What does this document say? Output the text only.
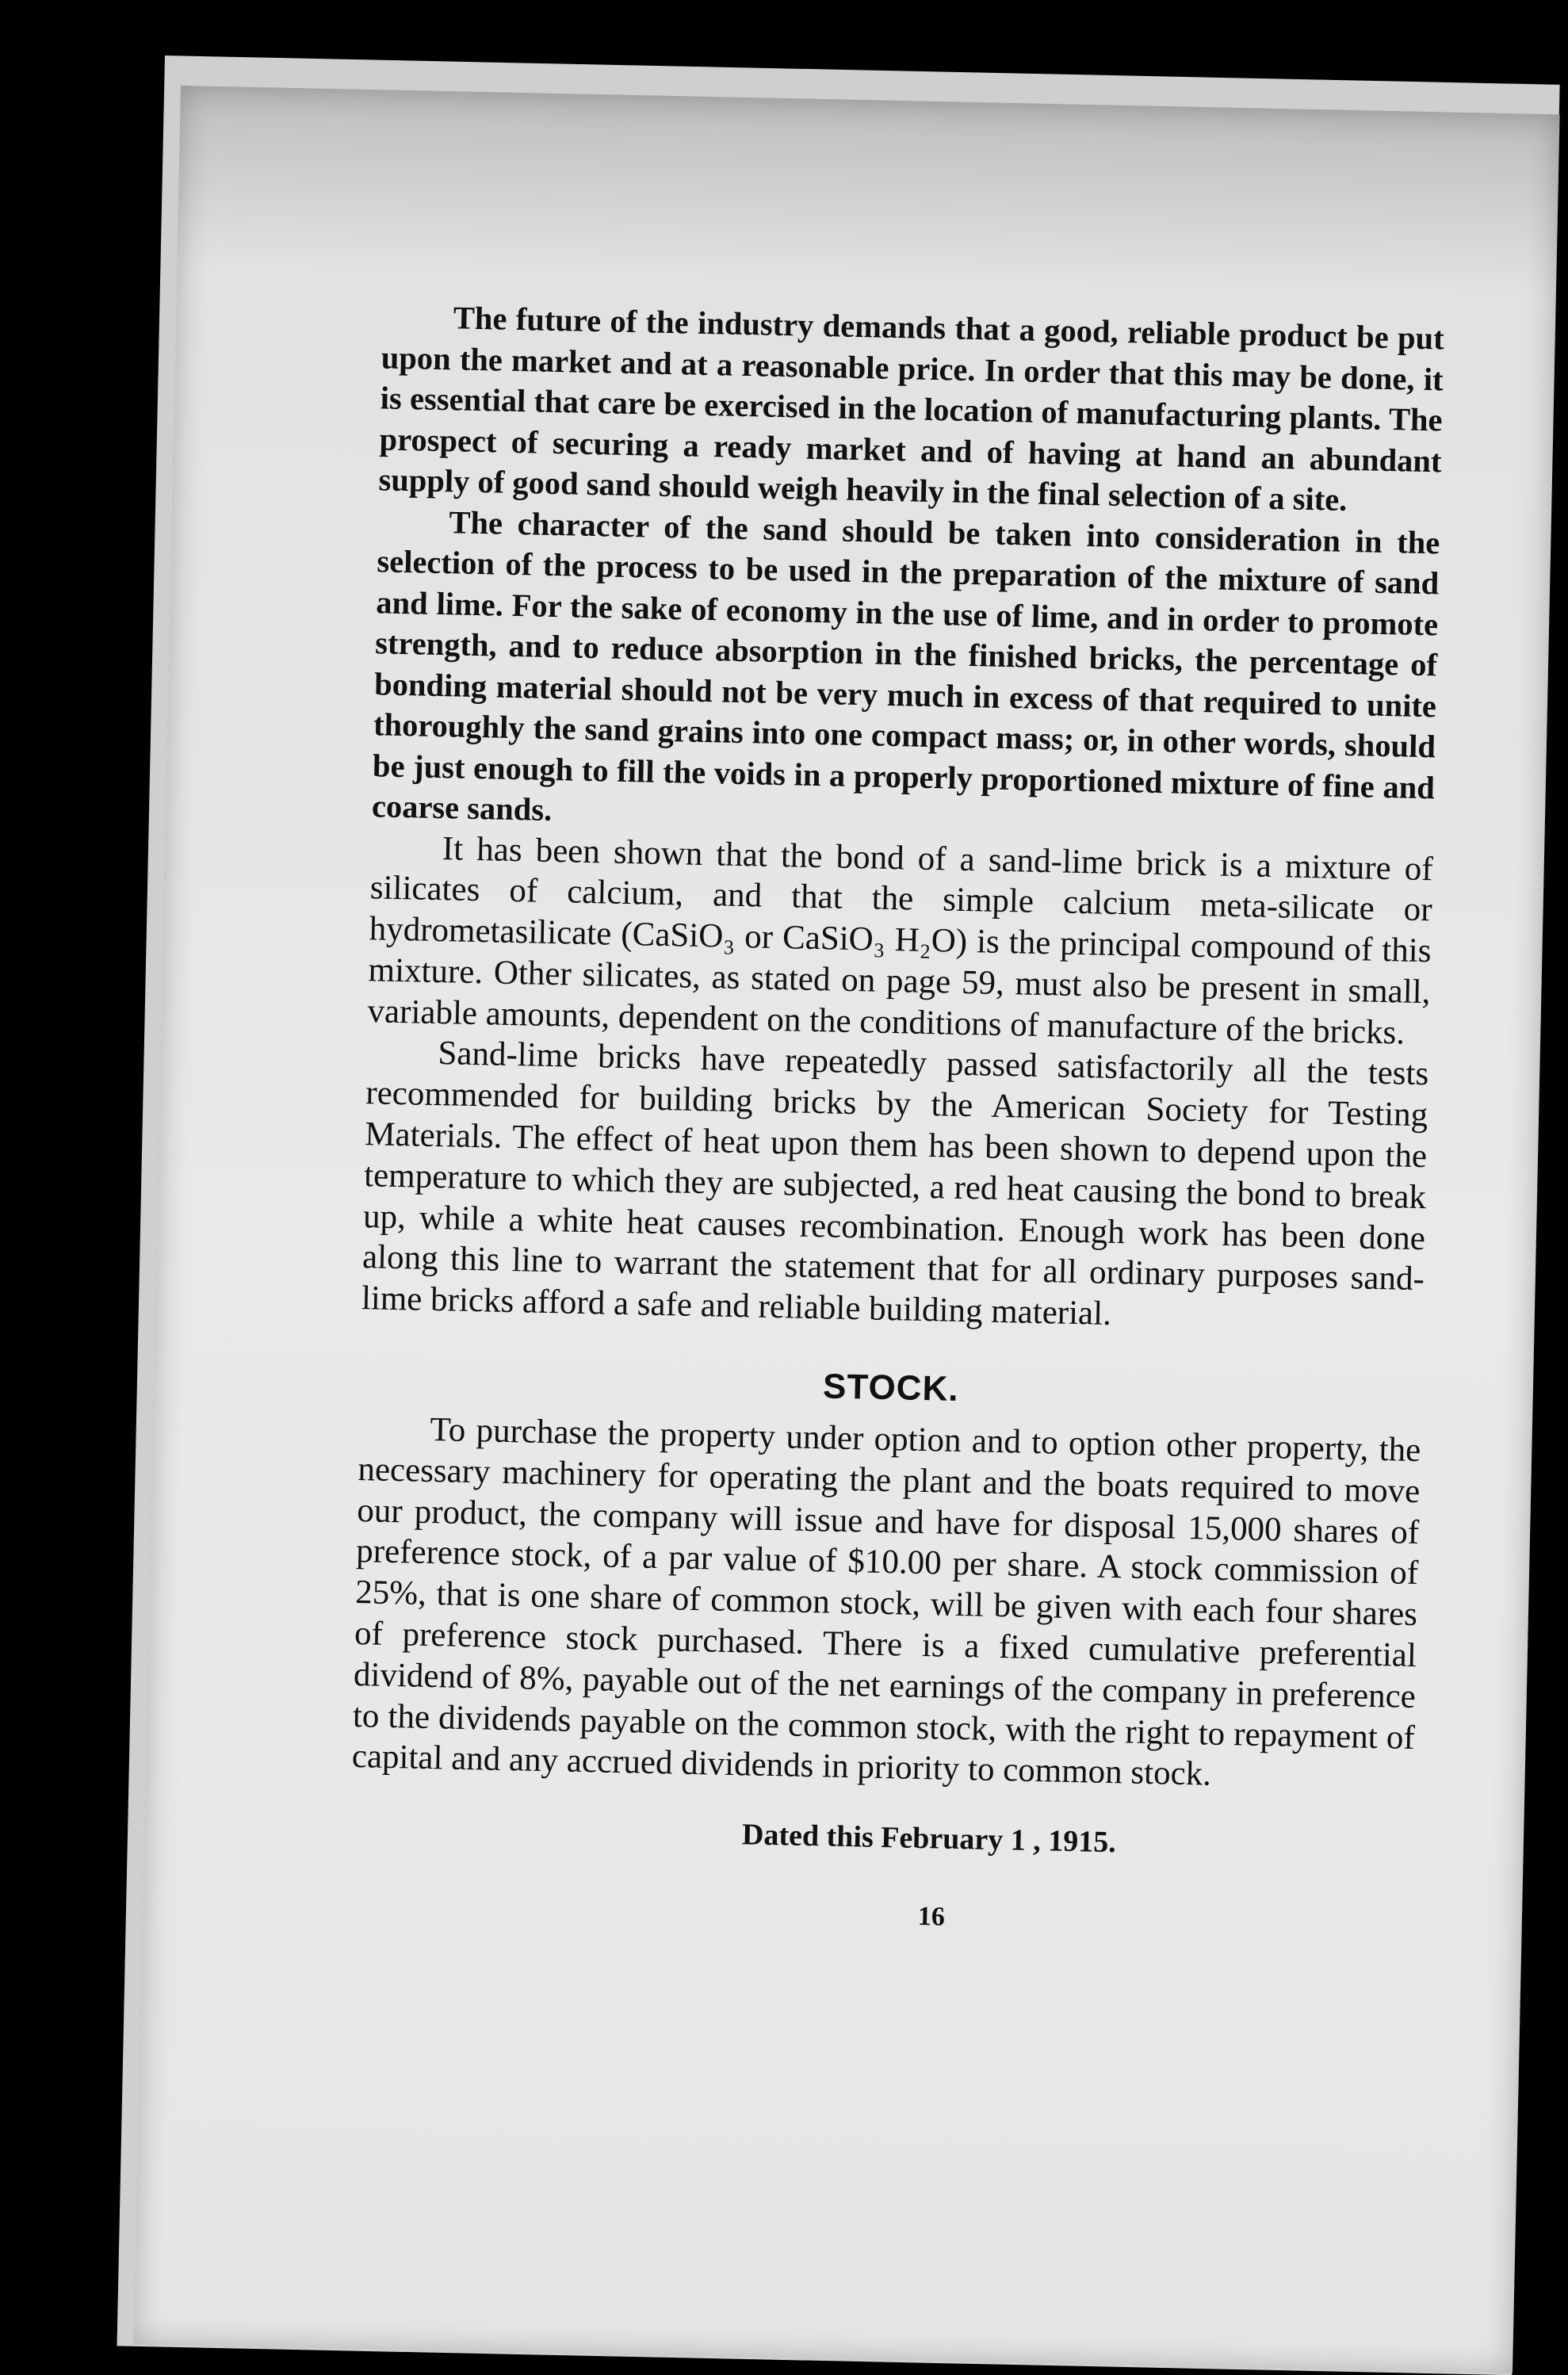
The future of the industry demands that a good, reliable product be put upon the market and at a reasonable price. In order that this may be done, it is essential that care be exercised in the location of manufacturing plants. The prospect of securing a ready market and of having at hand an abundant supply of good sand should weigh heavily in the final selection of a site.

The character of the sand should be taken into consideration in the selection of the process to be used in the preparation of the mixture of sand and lime. For the sake of economy in the use of lime, and in order to promote strength, and to reduce absorption in the finished bricks, the percentage of bonding material should not be very much in excess of that required to unite thoroughly the sand grains into one compact mass; or, in other words, should be just enough to fill the voids in a properly proportioned mixture of fine and coarse sands.

It has been shown that the bond of a sand-lime brick is a mixture of silicates of calcium, and that the simple calcium meta-silicate or hydrometasilicate (CaSiO₃ or CaSiO₃ H₂O) is the principal compound of this mixture. Other silicates, as stated on page 59, must also be present in small, variable amounts, dependent on the conditions of manufacture of the bricks.

Sand-lime bricks have repeatedly passed satisfactorily all the tests recommended for building bricks by the American Society for Testing Materials. The effect of heat upon them has been shown to depend upon the temperature to which they are subjected, a red heat causing the bond to break up, while a white heat causes recombination. Enough work has been done along this line to warrant the statement that for all ordinary purposes sand-lime bricks afford a safe and reliable building material.

STOCK.

To purchase the property under option and to option other property, the necessary machinery for operating the plant and the boats required to move our product, the company will issue and have for disposal 15,000 shares of preference stock, of a par value of $10.00 per share. A stock commission of 25%, that is one share of common stock, will be given with each four shares of preference stock purchased. There is a fixed cumulative preferential dividend of 8%, payable out of the net earnings of the company in preference to the dividends payable on the common stock, with the right to repayment of capital and any accrued dividends in priority to common stock.

Dated this February 1 , 1915.
16
